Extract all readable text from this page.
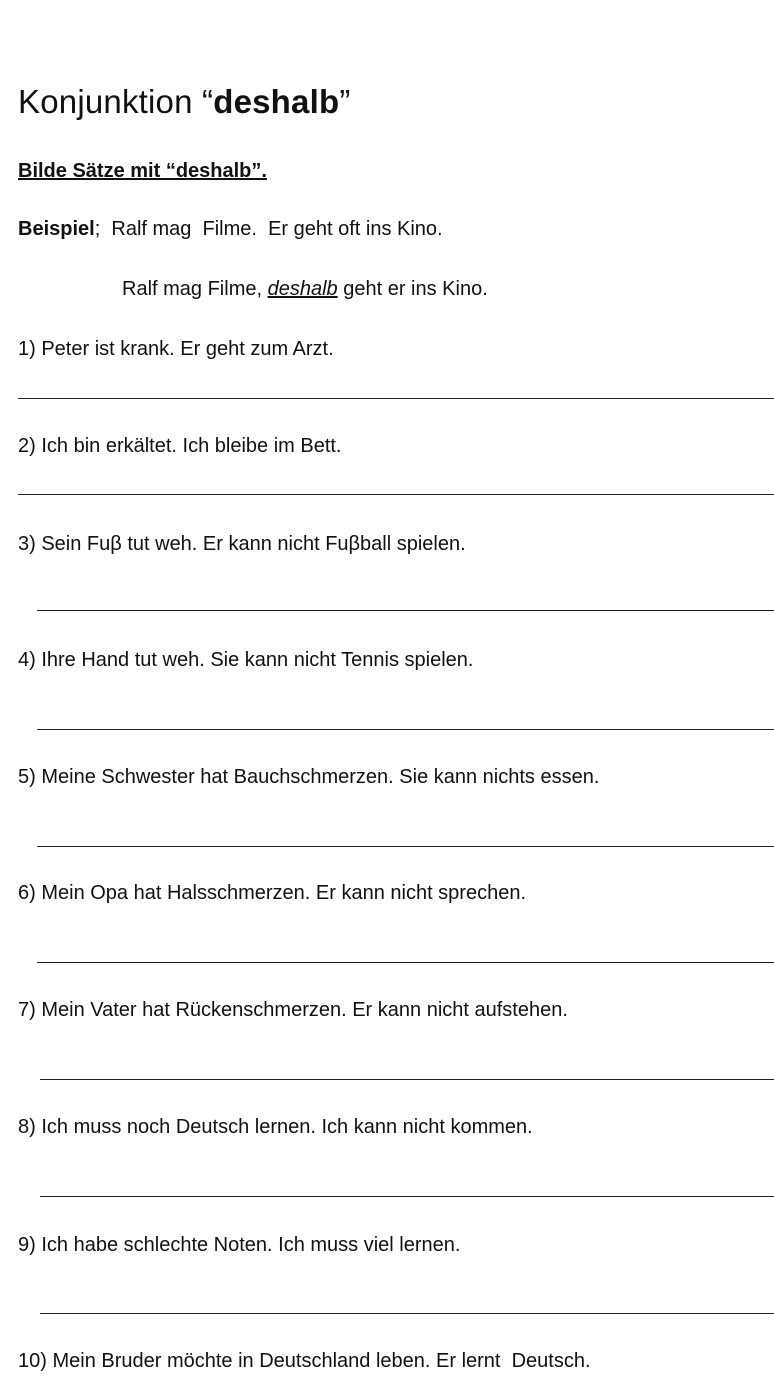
Konjunktion “deshalb”
Bilde Sätze mit “deshalb”.
Beispiel;  Ralf mag  Filme.  Er geht oft ins Kino.
Ralf mag Filme, deshalb geht er ins Kino.
1) Peter ist krank. Er geht zum Arzt.
2) Ich bin erkältet. Ich bleibe im Bett.
3) Sein Fuβ tut weh. Er kann nicht Fuβball spielen.
4) Ihre Hand tut weh. Sie kann nicht Tennis spielen.
5) Meine Schwester hat Bauchschmerzen. Sie kann nichts essen.
6) Mein Opa hat Halsschmerzen. Er kann nicht sprechen.
7) Mein Vater hat Rückenschmerzen. Er kann nicht aufstehen.
8) Ich muss noch Deutsch lernen. Ich kann nicht kommen.
9) Ich habe schlechte Noten. Ich muss viel lernen.
10) Mein Bruder möchte in Deutschland leben. Er lernt  Deutsch.
